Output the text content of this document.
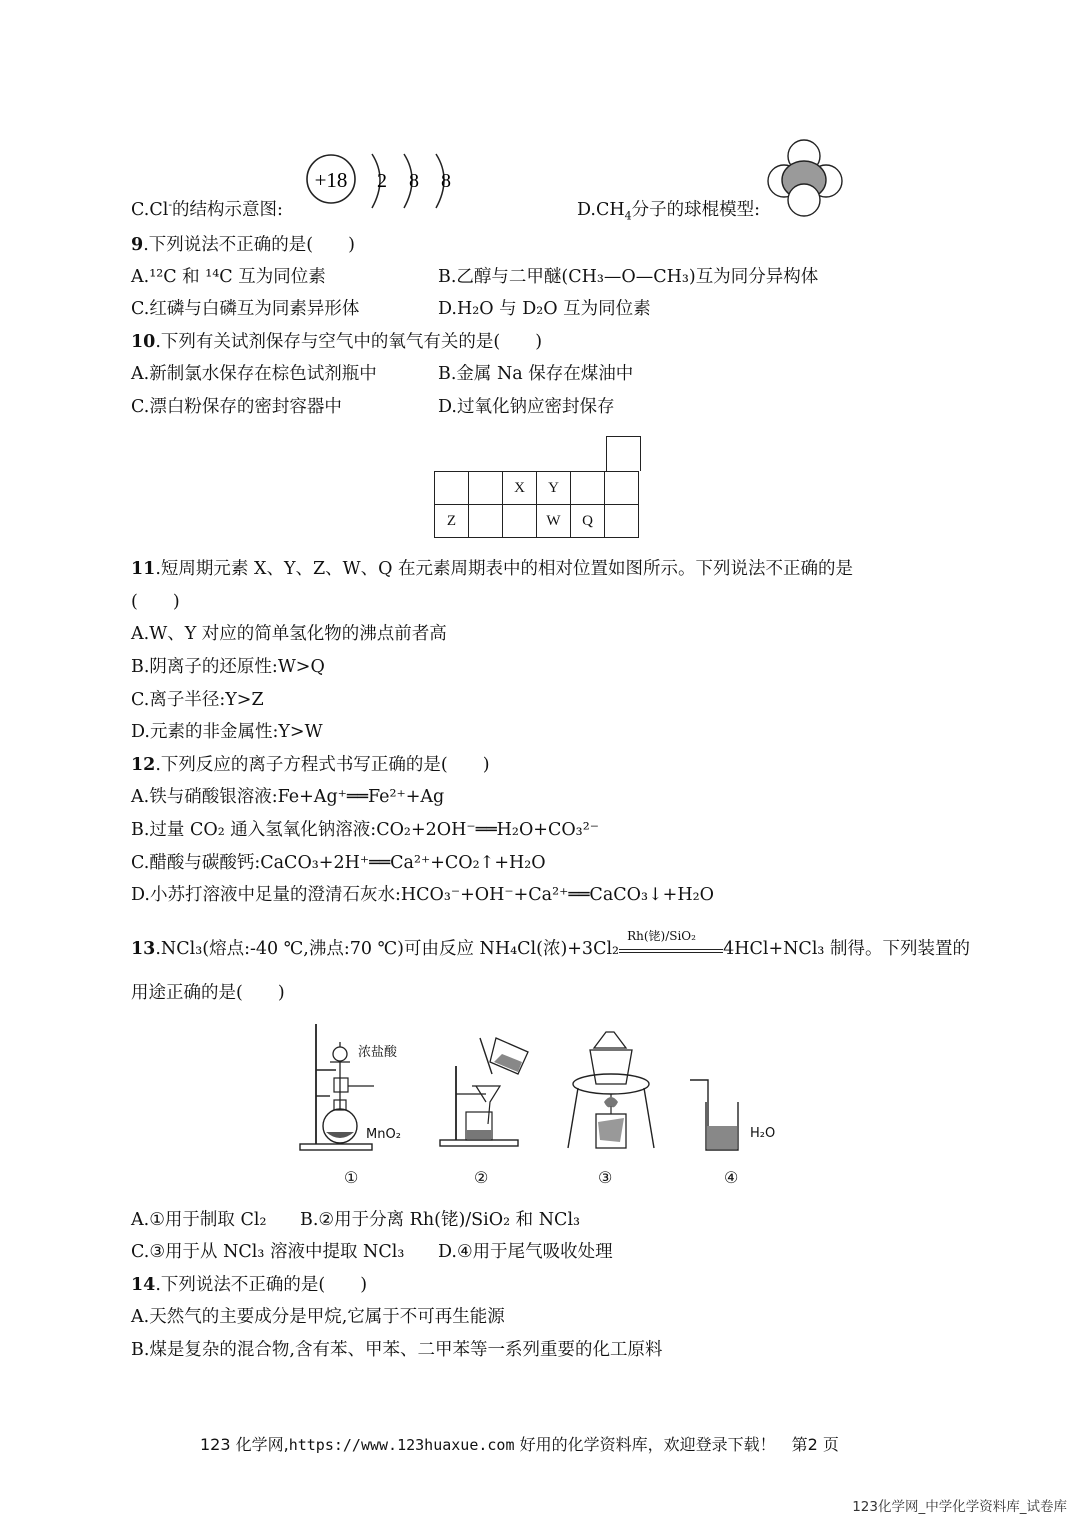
C.Cl-的结构示意图:
+18 2 8 8
$D.CH_4$分子的球棍模型:
9.下列说法不正确的是(　　)
A.¹²C 和 ¹⁴C 互为同位素	B.乙醇与二甲醚(CH₃—O—CH₃)互为同分异构体
C.红磷与白磷互为同素异形体	D.H₂O 与 D₂O 互为同位素
10.下列有关试剂保存与空气中的氧气有关的是(　　)
A.新制氯水保存在棕色试剂瓶中	B.金属 Na 保存在煤油中
C.漂白粉保存的密封容器中	D.过氧化钠应密封保存
		X	Y		
Z			W	Q	
11.短周期元素 X、Y、Z、W、Q 在元素周期表中的相对位置如图所示。下列说法不正确的是
(　　)
A.W、Y 对应的简单氢化物的沸点前者高
B.阴离子的还原性:W>Q
C.离子半径:Y>Z
D.元素的非金属性:Y>W
12.下列反应的离子方程式书写正确的是(　　)
A.铁与硝酸银溶液:Fe+Ag⁺══Fe²⁺+Ag
B.过量 CO₂ 通入氢氧化钠溶液:CO₂+2OH⁻══H₂O+CO₃²⁻
C.醋酸与碳酸钙:CaCO₃+2H⁺══Ca²⁺+CO₂↑+H₂O
D.小苏打溶液中足量的澄清石灰水:HCO₃⁻+OH⁻+Ca²⁺══CaCO₃↓+H₂O
13.NCl₃(熔点:-40 ℃,沸点:70 ℃)可由反应 NH₄Cl(浓)+3Cl₂
Rh(铑)/SiO₂
4HCl+NCl₃ 制得。下列装置的
用途正确的是(　　)
浓盐酸
MnO₂	H₂O
①	②	③	④
A.①用于制取 Cl₂ B.②用于分离 Rh(铑)/SiO₂ 和 NCl₃
C.③用于从 NCl₃ 溶液中提取 NCl₃ D.④用于尾气吸收处理
14.下列说法不正确的是(　　)
A.天然气的主要成分是甲烷,它属于不可再生能源
B.煤是复杂的混合物,含有苯、甲苯、二甲苯等一系列重要的化工原料
123 化学网,https://www.123huaxue.com 好用的化学资料库，欢迎登录下载！　第2 页
123化学网_中学化学资料库_试卷库
